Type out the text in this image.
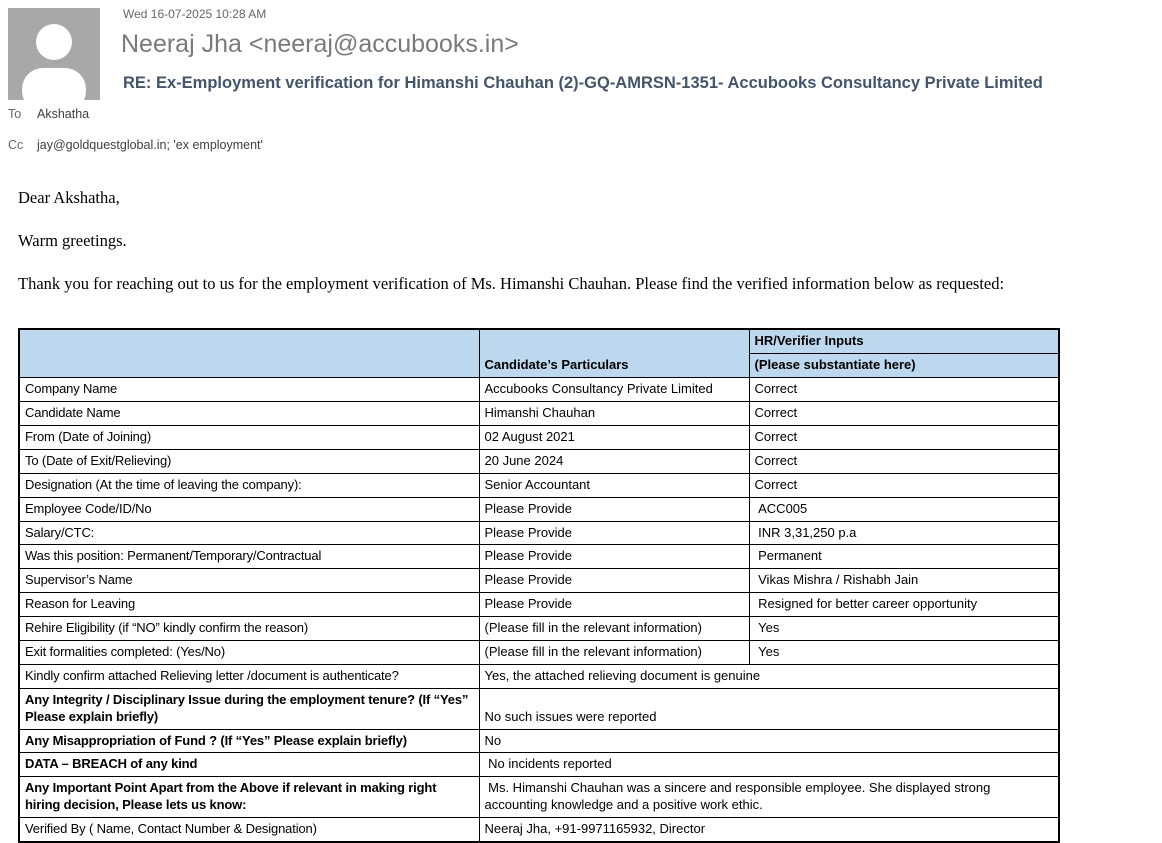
Wed 16-07-2025 10:28 AM
Neeraj Jha <neeraj@accubooks.in>
RE: Ex-Employment verification for Himanshi Chauhan (2)-GQ-AMRSN-1351- Accubooks Consultancy Private Limited
To Akshatha
Cc jay@goldquestglobal.in; 'ex employment'

Dear Akshatha,

Warm greetings.

Thank you for reaching out to us for the employment verification of Ms. Himanshi Chauhan. Please find the verified information below as requested:

	Candidate’s Particulars	HR/Verifier Inputs
		(Please substantiate here)
Company Name	Accubooks Consultancy Private Limited	Correct
Candidate Name	Himanshi Chauhan	Correct
From (Date of Joining)	02 August 2021	Correct
To (Date of Exit/Relieving)	20 June 2024	Correct
Designation (At the time of leaving the company):	Senior Accountant	Correct
Employee Code/ID/No	Please Provide	ACC005
Salary/CTC:	Please Provide	INR 3,31,250 p.a
Was this position: Permanent/Temporary/Contractual	Please Provide	Permanent
Supervisor’s Name	Please Provide	Vikas Mishra / Rishabh Jain
Reason for Leaving	Please Provide	Resigned for better career opportunity
Rehire Eligibility (if “NO” kindly confirm the reason)	(Please fill in the relevant information)	Yes
Exit formalities completed: (Yes/No)	(Please fill in the relevant information)	Yes
Kindly confirm attached Relieving letter /document is authenticate?	Yes, the attached relieving document is genuine	
Any Integrity / Disciplinary Issue during the employment tenure? (If “Yes” Please explain briefly)	No such issues were reported	
Any Misappropriation of Fund ? (If “Yes” Please explain briefly)	No	
DATA – BREACH of any kind	No incidents reported	
Any Important Point Apart from the Above if relevant in making right hiring decision, Please lets us know:	Ms. Himanshi Chauhan was a sincere and responsible employee. She displayed strong accounting knowledge and a positive work ethic.	
Verified By ( Name, Contact Number & Designation)	Neeraj Jha, +91-9971165932, Director	
